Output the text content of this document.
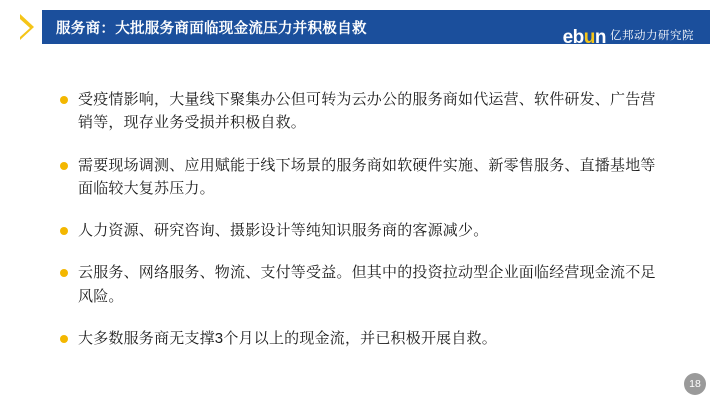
服务商：大批服务商面临现金流压力并积极自救	ebun 亿邦动力研究院
受疫情影响，大量线下聚集办公但可转为云办公的服务商如代运营、软件研发、广告营销等，现存业务受损并积极自救。
需要现场调测、应用赋能于线下场景的服务商如软硬件实施、新零售服务、直播基地等面临较大复苏压力。
人力资源、研究咨询、摄影设计等纯知识服务商的客源减少。
云服务、网络服务、物流、支付等受益。但其中的投资拉动型企业面临经营现金流不足风险。
大多数服务商无支撑3个月以上的现金流，并已积极开展自救。
18
